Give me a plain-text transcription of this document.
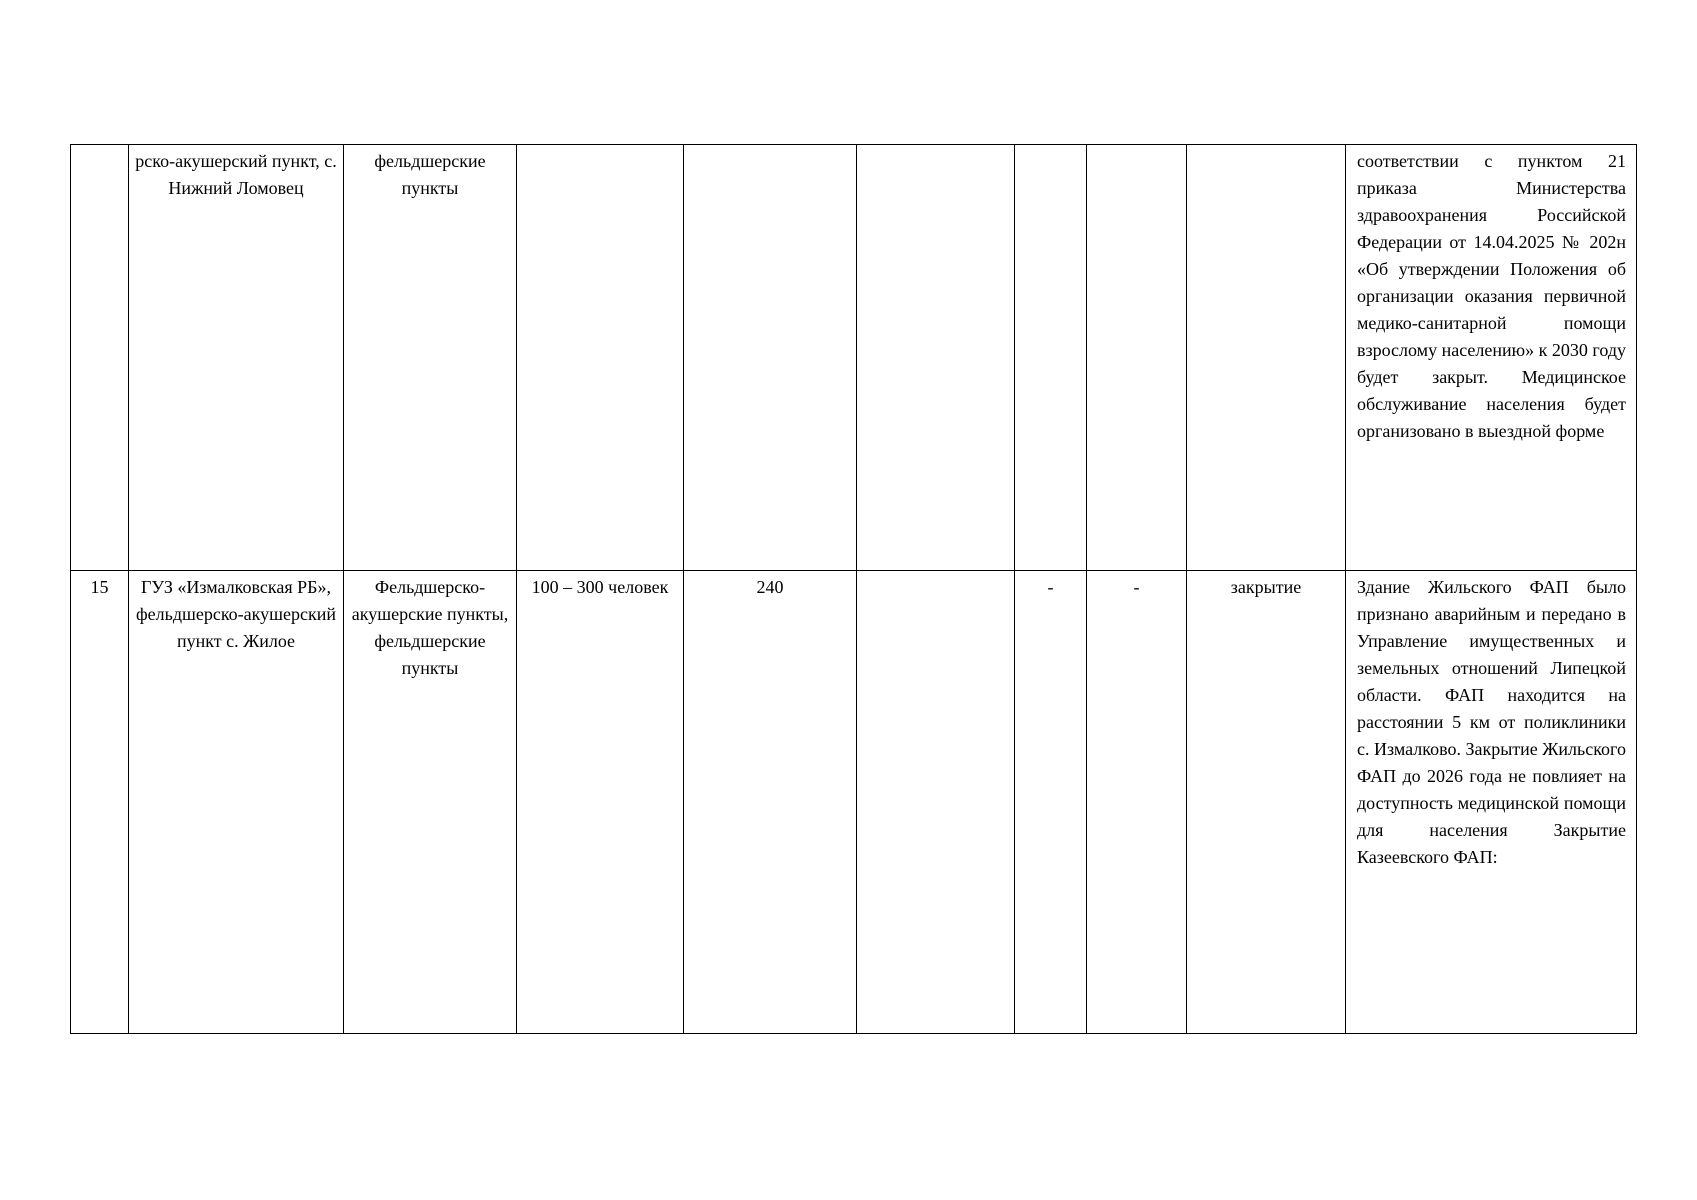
	рско-акушерский пункт, с. Нижний Ломовец	фельдшерские пункты							соответствии с пунктом 21 приказа Министерства здравоохранения Российской Федерации от 14.04.2025 № 202н «Об утверждении Положения об организации оказания первичной медико-санитарной помощи взрослому населению» к 2030 году будет закрыт. Медицинское обслуживание населения будет организовано в выездной форме

15	ГУЗ «Измалковская РБ», фельдшерско-акушерский пункт с. Жилое	Фельдшерско-акушерские пункты, фельдшерские пункты	100 – 300 человек	240		-	-	закрытие	Здание Жильского ФАП было признано аварийным и передано в Управление имущественных и земельных отношений Липецкой области. ФАП находится на расстоянии 5 км от поликлиники с. Измалково. Закрытие Жильского ФАП до 2026 года не повлияет на доступность медицинской помощи для населения Закрытие Казеевского ФАП:
